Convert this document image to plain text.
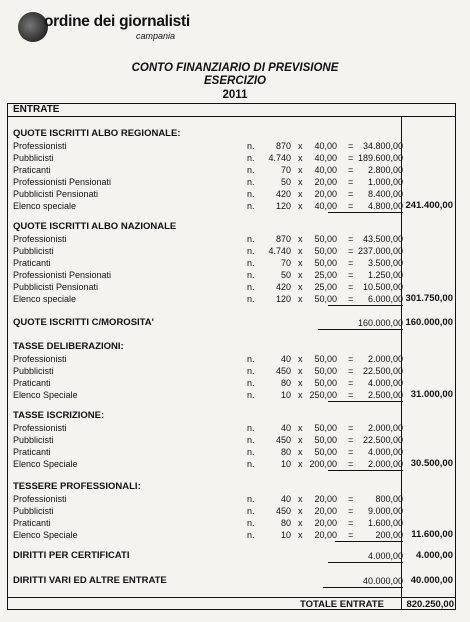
ordine dei giornalisti
campania
CONTO FINANZIARIO DI PREVISIONE
ESERCIZIO
2011
ENTRATE
QUOTE ISCRITTI ALBO REGIONALE:
Professionisti	n. 870 x 40,00 = 34.800,00
Pubblicisti	n. 4.740 x 40,00 = 189.600,00
Praticanti	n.	70 x 40,00 = 2.800,00
Professionisti Pensionati	n.	50 x 20,00 = 1.000,00
Pubblicisti Pensionati	n. 420 x 20,00 = 8.400,00
Elenco speciale	n. 120 x 40,00 =	4.800,00 241.400,00
QUOTE ISCRITTI ALBO NAZIONALE
Professionisti	n. 870 x 50,00 = 43.500,00
Pubblicisti	n. 4.740 x 50,00 = 237.000,00
Praticanti	n.	70 x 50,00 = 3.500,00
Professionisti Pensionati	n.	50 x 25,00 = 1.250,00
Pubblicisti Pensionati	n. 420 x 25,00 = 10.500,00
Elenco speciale	n. 120 x 50,00 =	6.000,00 301.750,00
QUOTE ISCRITTI C/MOROSITA'	160.000,00 160.000,00
TASSE DELIBERAZIONI:
Professionisti	n.	40 x 50,00 = 2.000,00
Pubblicisti	n. 450 x 50,00 = 22.500,00
Praticanti	n.	80 x 50,00 = 4.000,00
Elenco Speciale	n.	10 x 250,00 =	2.500,00 31.000,00
TASSE ISCRIZIONE:
Professionisti	n.	40 x 50,00 = 2.000,00
Pubblicisti	n. 450 x 50,00 = 22.500,00
Praticanti	n.	80 x 50,00 = 4.000,00
Elenco Speciale	n.	10 x 200,00 =	2.000,00 30.500,00
TESSERE PROFESSIONALI:
Professionisti	n.	40 x 20,00 = 800,00
Pubblicisti	n. 450 x 20,00 = 9.000,00
Praticanti	n.	80 x 20,00 = 1.600,00
Elenco Speciale	n.	10 x 20,00 =	200,00 11.600,00
DIRITTI PER CERTIFICATI	4.000,00 4.000,00
DIRITTI VARI ED ALTRE ENTRATE	40.000,00 40.000,00
TOTALE ENTRATE 820.250,00
